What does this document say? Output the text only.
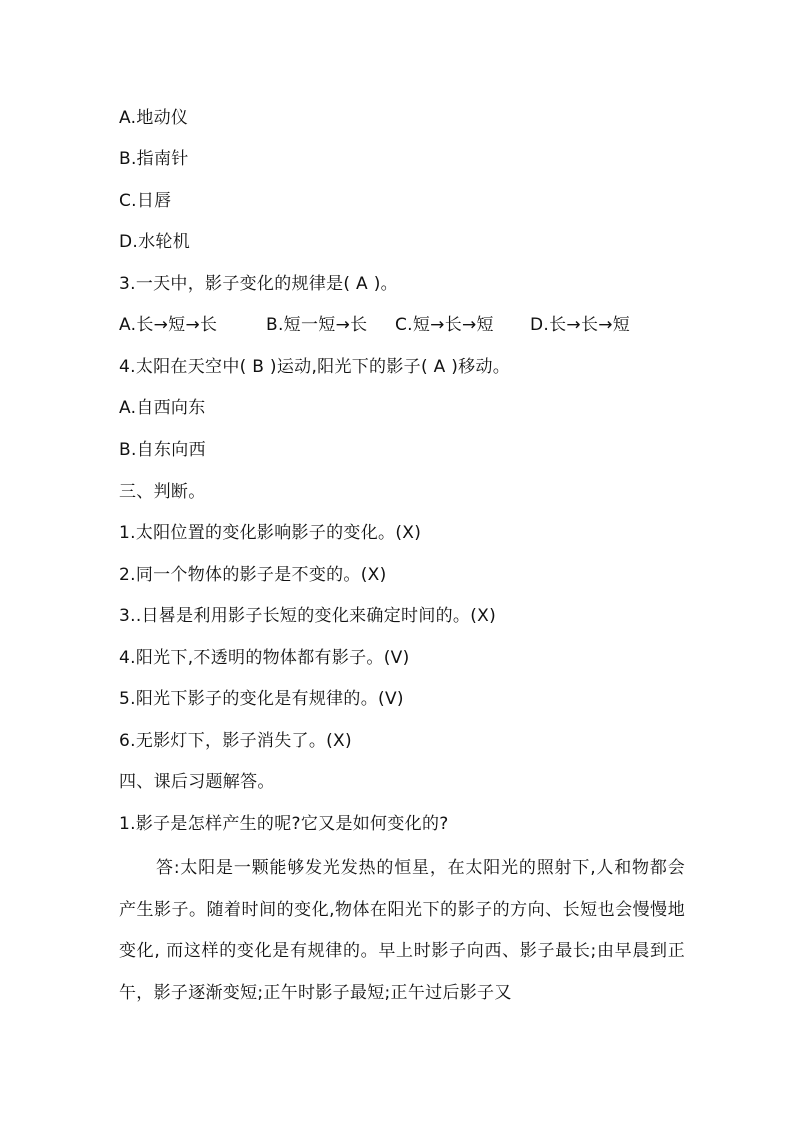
A.地动仪
B.指南针
C.日唇
D.水轮机
3.一天中，影子变化的规律是( A )。
A.长→短→长	B.短一短→长 C.短→长→短 D.长→长→短
4.太阳在天空中( B )运动,阳光下的影子( A )移动。
A.自西向东
B.自东向西
三、判断。
1.太阳位置的变化影响影子的变化。(X)
2.同一个物体的影子是不变的。(X)
3..日晷是利用影子长短的变化来确定时间的。(X)
4.阳光下,不透明的物体都有影子。(V)
5.阳光下影子的变化是有规律的。(V)
6.无影灯下，影子消失了。(X)
四、课后习题解答。
1.影子是怎样产生的呢?它又是如何变化的?
答:太阳是一颗能够发光发热的恒星，在太阳光的照射下,人和物都会产生影子。随着时间的变化,物体在阳光下的影子的方向、长短也会慢慢地变化, 而这样的变化是有规律的。早上时影子向西、影子最长;由早晨到正午，影子逐渐变短;正午时影子最短;正午过后影子又
